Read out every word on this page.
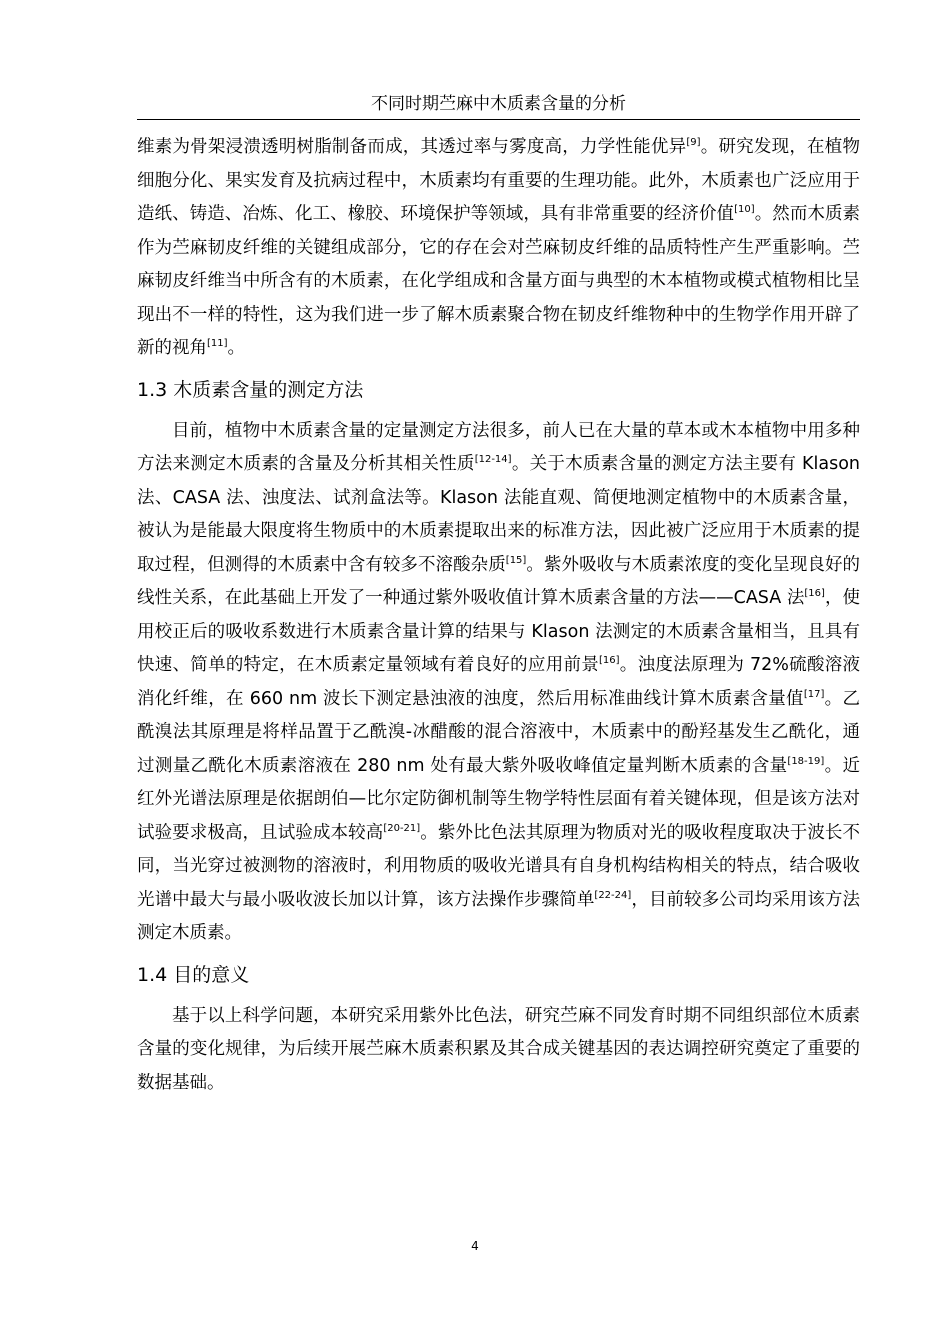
不同时期苎麻中木质素含量的分析

维素为骨架浸溃透明树脂制备而成，其透过率与雾度高，力学性能优异[9]。研究发现，在植物细胞分化、果实发育及抗病过程中，木质素均有重要的生理功能。此外，木质素也广泛应用于造纸、铸造、冶炼、化工、橡胶、环境保护等领域，具有非常重要的经济价值[10]。然而木质素作为苎麻韧皮纤维的关键组成部分，它的存在会对苎麻韧皮纤维的品质特性产生严重影响。苎麻韧皮纤维当中所含有的木质素，在化学组成和含量方面与典型的木本植物或模式植物相比呈现出不一样的特性，这为我们进一步了解木质素聚合物在韧皮纤维物种中的生物学作用开辟了新的视角[11]。

1.3 木质素含量的测定方法

目前，植物中木质素含量的定量测定方法很多，前人已在大量的草本或木本植物中用多种方法来测定木质素的含量及分析其相关性质[12-14]。关于木质素含量的测定方法主要有 Klason 法、CASA 法、浊度法、试剂盒法等。Klason 法能直观、简便地测定植物中的木质素含量，被认为是能最大限度将生物质中的木质素提取出来的标准方法，因此被广泛应用于木质素的提取过程，但测得的木质素中含有较多不溶酸杂质[15]。紫外吸收与木质素浓度的变化呈现良好的线性关系，在此基础上开发了一种通过紫外吸收值计算木质素含量的方法——CASA 法[16]，使用校正后的吸收系数进行木质素含量计算的结果与 Klason 法测定的木质素含量相当，且具有快速、简单的特定，在木质素定量领域有着良好的应用前景[16]。浊度法原理为 72%硫酸溶液消化纤维，在 660 nm 波长下测定悬浊液的浊度，然后用标准曲线计算木质素含量值[17]。乙酰溴法其原理是将样品置于乙酰溴-冰醋酸的混合溶液中，木质素中的酚羟基发生乙酰化，通过测量乙酰化木质素溶液在 280 nm 处有最大紫外吸收峰值定量判断木质素的含量[18-19]。近红外光谱法原理是依据朗伯—比尔定防御机制等生物学特性层面有着关键体现，但是该方法对试验要求极高，且试验成本较高[20-21]。紫外比色法其原理为物质对光的吸收程度取决于波长不同，当光穿过被测物的溶液时，利用物质的吸收光谱具有自身机构结构相关的特点，结合吸收光谱中最大与最小吸收波长加以计算，该方法操作步骤简单[22-24]，目前较多公司均采用该方法测定木质素。

1.4 目的意义

基于以上科学问题，本研究采用紫外比色法，研究苎麻不同发育时期不同组织部位木质素含量的变化规律，为后续开展苎麻木质素积累及其合成关键基因的表达调控研究奠定了重要的数据基础。

4
